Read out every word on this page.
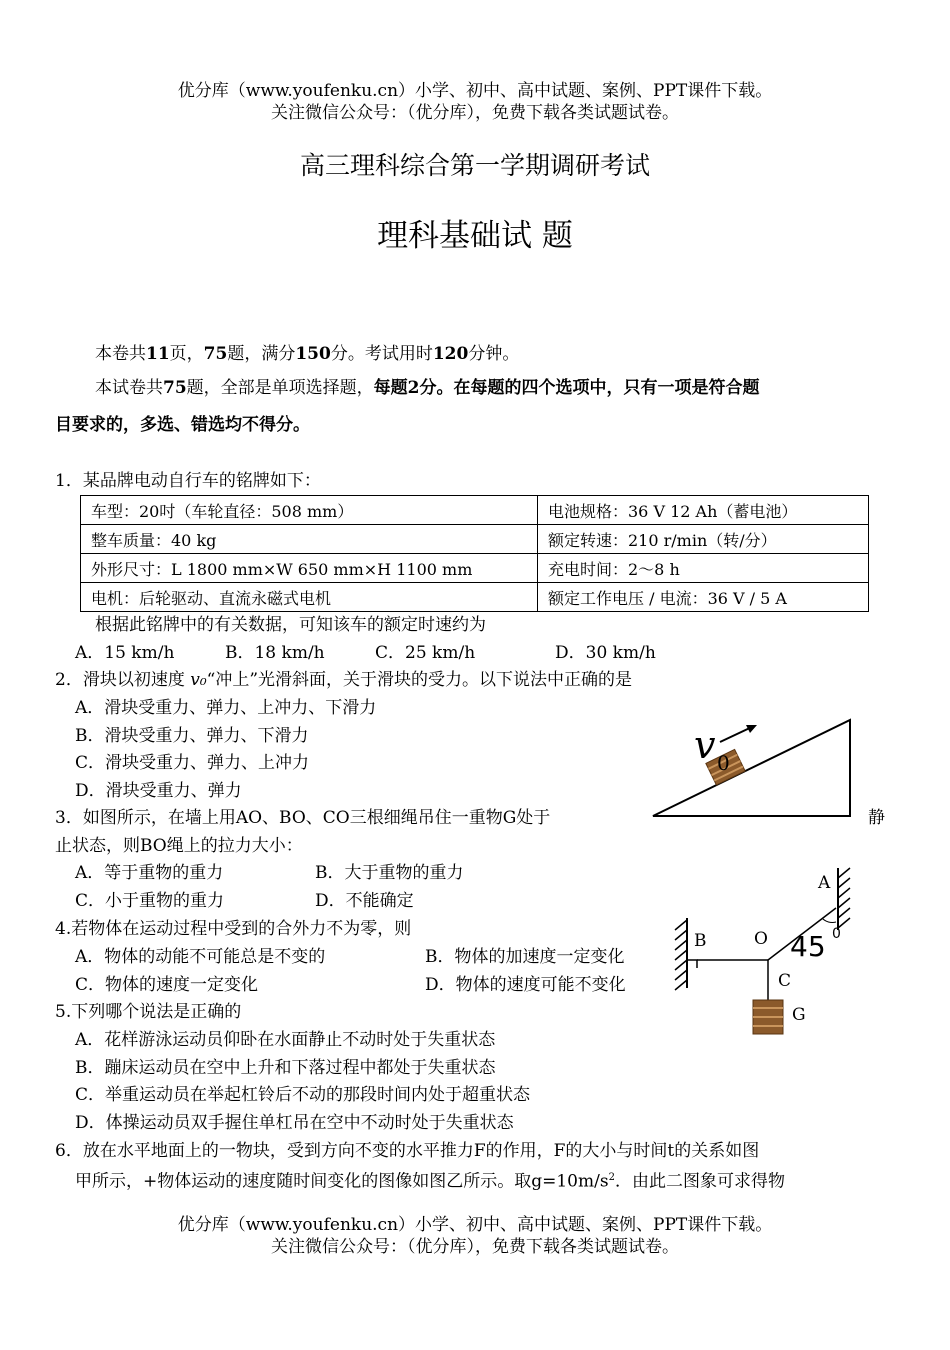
优分库（www.youfenku.cn）小学、初中、高中试题、案例、PPT课件下载。
关注微信公众号：（优分库），免费下载各类试题试卷。
高三理科综合第一学期调研考试
理科基础试 题
本卷共11页，75题，满分150分。考试用时120分钟。
本试卷共75题，全部是单项选择题，每题2分。在每题的四个选项中，只有一项是符合题
目要求的，多选、错选均不得分。
1．某品牌电动自行车的铭牌如下：
车型：20吋（车轮直径：508 mm）	电池规格：36 V 12 Ah（蓄电池）
整车质量：40 kg	额定转速：210 r/min（转/分）
外形尺寸：L 1800 mm×W 650 mm×H 1100 mm	充电时间：2～8 h
电机：后轮驱动、直流永磁式电机	额定工作电压 / 电流：36 V / 5 A
根据此铭牌中的有关数据，可知该车的额定时速约为
A．15 km/h	B．18 km/h	C．25 km/h	D．30 km/h
2．滑块以初速度 v₀“冲上”光滑斜面，关于滑块的受力。以下说法中正确的是
A．滑块受重力、弹力、上冲力、下滑力
B．滑块受重力、弹力、下滑力
C．滑块受重力、弹力、上冲力
D．滑块受重力、弹力
v 0
3．如图所示，在墙上用AO、BO、CO三根细绳吊住一重物G处于	静
止状态，则BO绳上的拉力大小：
A．等于重物的重力	B．大于重物的重力
C．小于重物的重力	D．不能确定
A
B	O
C
G
45 0
4.若物体在运动过程中受到的合外力不为零，则
A．物体的动能不可能总是不变的	B．物体的加速度一定变化
C．物体的速度一定变化	D．物体的速度可能不变化
5.下列哪个说法是正确的
A．花样游泳运动员仰卧在水面静止不动时处于失重状态
B．蹦床运动员在空中上升和下落过程中都处于失重状态
C．举重运动员在举起杠铃后不动的那段时间内处于超重状态
D．体操运动员双手握住单杠吊在空中不动时处于失重状态
6．放在水平地面上的一物块，受到方向不变的水平推力F的作用，F的大小与时间t的关系如图
甲所示，+物体运动的速度随时间变化的图像如图乙所示。取$g=10m/s^2$．由此二图象可求得物
优分库（www.youfenku.cn）小学、初中、高中试题、案例、PPT课件下载。
关注微信公众号：（优分库），免费下载各类试题试卷。
